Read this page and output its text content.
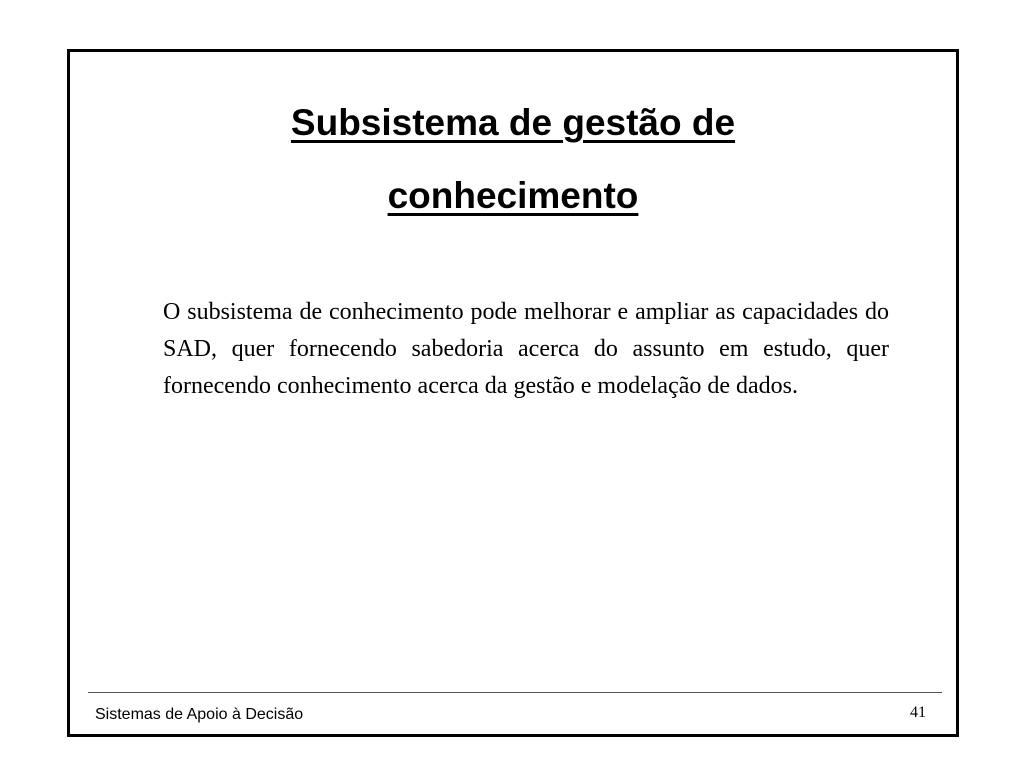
Subsistema de gestão de
conhecimento

O subsistema de conhecimento pode melhorar e ampliar as capacidades do SAD, quer fornecendo sabedoria acerca do assunto em estudo, quer fornecendo conhecimento acerca da gestão e modelação de dados.

Sistemas de Apoio à Decisão	41
